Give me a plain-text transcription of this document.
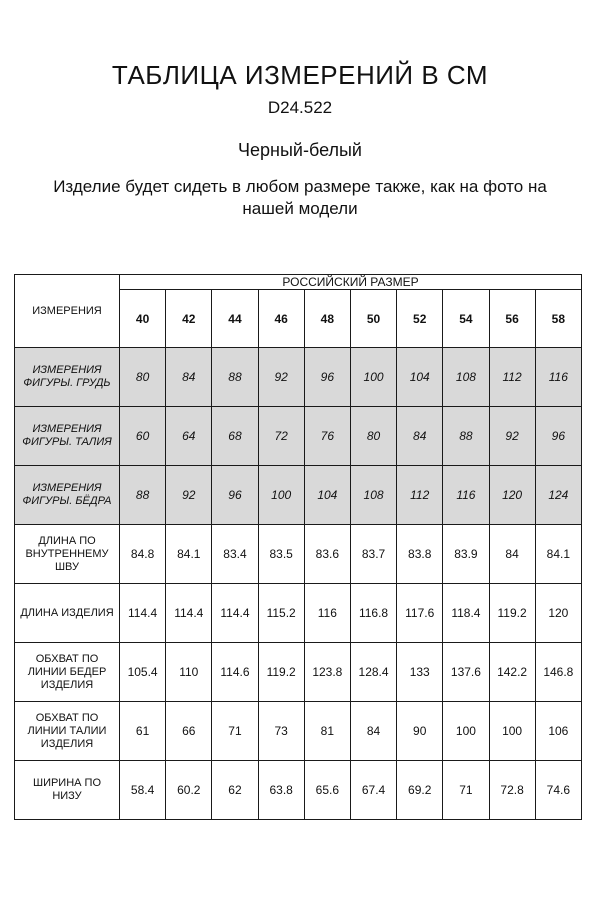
ТАБЛИЦА ИЗМЕРЕНИЙ В СМ
D24.522
Черный-белый
Изделие будет сидеть в любом размере также, как на фото на нашей модели
ИЗМЕРЕНИЯ	РОССИЙСКИЙ РАЗМЕР									
	40	42	44	46	48	50	52	54	56	58

ИЗМЕРЕНИЯ
ФИГУРЫ. ГРУДЬ	80	84	88	92	96	100	104	108	112	116

ИЗМЕРЕНИЯ
ФИГУРЫ. ТАЛИЯ	60	64	68	72	76	80	84	88	92	96

ИЗМЕРЕНИЯ
ФИГУРЫ. БЁДРА	88	92	96	100	104	108	112	116	120	124

ДЛИНА ПО
ВНУТРЕННЕМУ
ШВУ	84.8	84.1	83.4	83.5	83.6	83.7	83.8	83.9	84	84.1

ДЛИНА ИЗДЕЛИЯ	114.4	114.4	114.4	115.2	116	116.8	117.6	118.4	119.2	120

ОБХВАТ ПО
ЛИНИИ БЕДЕР
ИЗДЕЛИЯ	105.4	110	114.6	119.2	123.8	128.4	133	137.6	142.2	146.8

ОБХВАТ ПО
ЛИНИИ ТАЛИИ
ИЗДЕЛИЯ	61	66	71	73	81	84	90	100	100	106

ШИРИНА ПО
НИЗУ	58.4	60.2	62	63.8	65.6	67.4	69.2	71	72.8	74.6
